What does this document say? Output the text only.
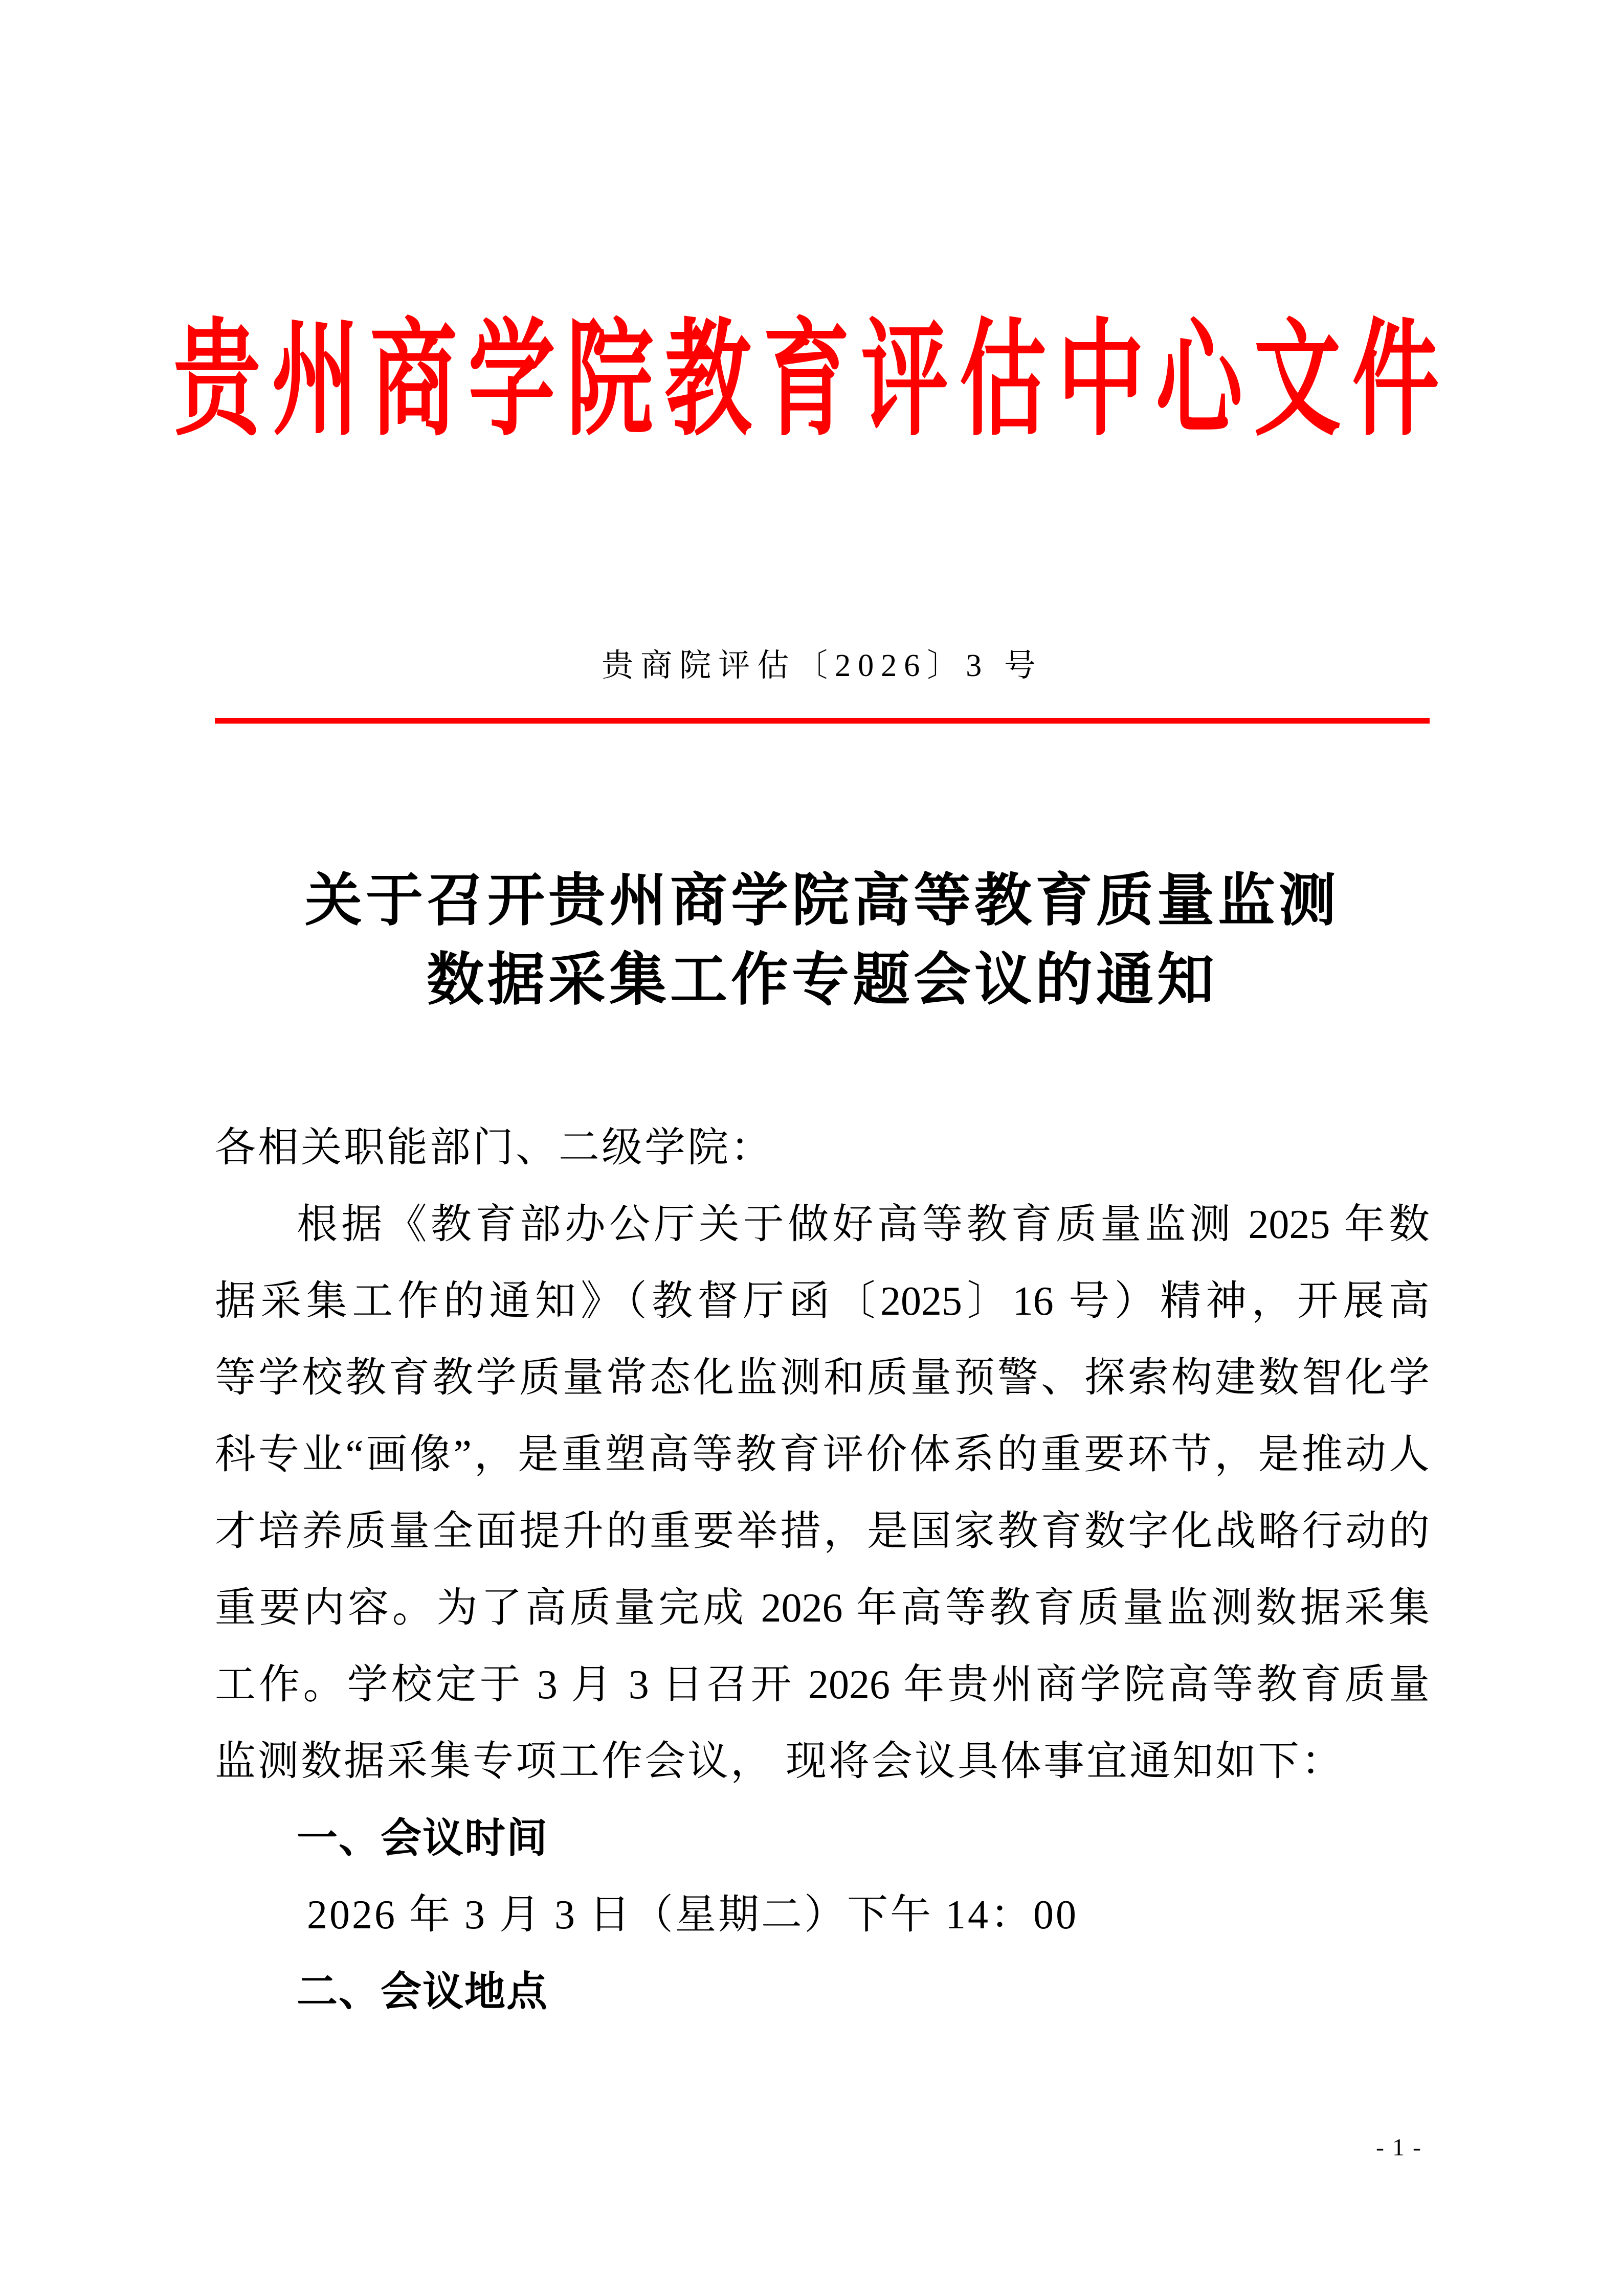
贵州商学院教育评估中心文件
贵商院评估〔2026〕3 号
关于召开贵州商学院高等教育质量监测
数据采集工作专题会议的通知
各相关职能部门、二级学院：
根据《教育部办公厅关于做好高等教育质量监测 2025 年数
据采集工作的通知》（教督厅函〔2025〕16 号）精神，开展高
等学校教育教学质量常态化监测和质量预警、探索构建数智化学
科专业“画像”，是重塑高等教育评价体系的重要环节，是推动人
才培养质量全面提升的重要举措，是国家教育数字化战略行动的
重要内容。为了高质量完成 2026 年高等教育质量监测数据采集
工作。学校定于 3 月 3 日召开 2026 年贵州商学院高等教育质量
监测数据采集专项工作会议， 现将会议具体事宜通知如下：
一、会议时间
2026 年 3 月 3 日（星期二）下午 14：00
二、会议地点
- 1 -
